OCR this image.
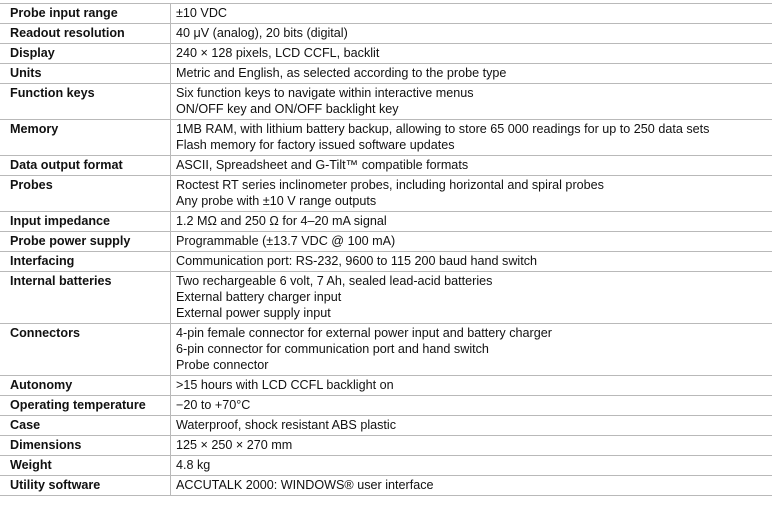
Probe input range	±10 VDC

Readout resolution	40 μV (analog), 20 bits (digital)

Display	240 × 128 pixels, LCD CCFL, backlit

Units	Metric and English, as selected according to the probe type

Function keys	Six function keys to navigate within interactive menus
ON/OFF key and ON/OFF backlight key

Memory	1MB RAM, with lithium battery backup, allowing to store 65 000 readings for up to 250 data sets
Flash memory for factory issued software updates

Data output format	ASCII, Spreadsheet and G-Tilt™ compatible formats

Probes	Roctest RT series inclinometer probes, including horizontal and spiral probes
Any probe with ±10 V range outputs

Input impedance	1.2 MΩ and 250 Ω for 4–20 mA signal

Probe power supply	Programmable (±13.7 VDC @ 100 mA)

Interfacing	Communication port: RS-232, 9600 to 115 200 baud hand switch

Internal batteries	Two rechargeable 6 volt, 7 Ah, sealed lead-acid batteries
External battery charger input
External power supply input

Connectors	4-pin female connector for external power input and battery charger
6-pin connector for communication port and hand switch
Probe connector

Autonomy	>15 hours with LCD CCFL backlight on

Operating temperature	−20 to +70°C

Case	Waterproof, shock resistant ABS plastic

Dimensions	125 × 250 × 270 mm

Weight	4.8 kg

Utility software	ACCUTALK 2000: WINDOWS® user interface
